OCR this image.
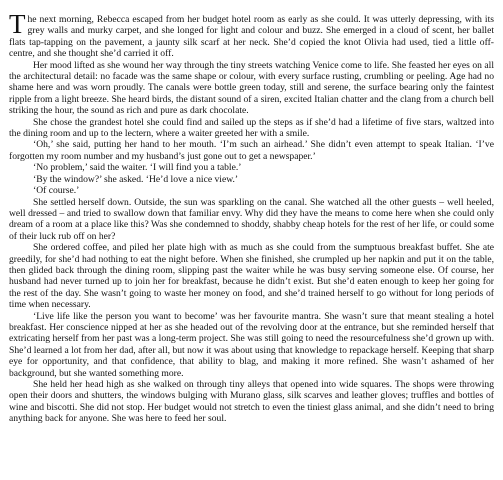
The next morning, Rebecca escaped from her budget hotel room as early as she could. It was utterly depressing, with its grey walls and murky carpet, and she longed for light and colour and buzz. She emerged in a cloud of scent, her ballet flats tap-tapping on the pavement, a jaunty silk scarf at her neck. She’d copied the knot Olivia had used, tied a little off-centre, and she thought she’d carried it off.

Her mood lifted as she wound her way through the tiny streets watching Venice come to life. She feasted her eyes on all the architectural detail: no facade was the same shape or colour, with every surface rusting, crumbling or peeling. Age had no shame here and was worn proudly. The canals were bottle green today, still and serene, the surface bearing only the faintest ripple from a light breeze. She heard birds, the distant sound of a siren, excited Italian chatter and the clang from a church bell striking the hour, the sound as rich and pure as dark chocolate.

She chose the grandest hotel she could find and sailed up the steps as if she’d had a lifetime of five stars, waltzed into the dining room and up to the lectern, where a waiter greeted her with a smile.

‘Oh,’ she said, putting her hand to her mouth. ‘I’m such an airhead.’ She didn’t even attempt to speak Italian. ‘I’ve forgotten my room number and my husband’s just gone out to get a newspaper.’

‘No problem,’ said the waiter. ‘I will find you a table.’

‘By the window?’ she asked. ‘He’d love a nice view.’

‘Of course.’

She settled herself down. Outside, the sun was sparkling on the canal. She watched all the other guests – well heeled, well dressed – and tried to swallow down that familiar envy. Why did they have the means to come here when she could only dream of a room at a place like this? Was she condemned to shoddy, shabby cheap hotels for the rest of her life, or could some of their luck rub off on her?

She ordered coffee, and piled her plate high with as much as she could from the sumptuous breakfast buffet. She ate greedily, for she’d had nothing to eat the night before. When she finished, she crumpled up her napkin and put it on the table, then glided back through the dining room, slipping past the waiter while he was busy serving someone else. Of course, her husband had never turned up to join her for breakfast, because he didn’t exist. But she’d eaten enough to keep her going for the rest of the day. She wasn’t going to waste her money on food, and she’d trained herself to go without for long periods of time when necessary.

‘Live life like the person you want to become’ was her favourite mantra. She wasn’t sure that meant stealing a hotel breakfast. Her conscience nipped at her as she headed out of the revolving door at the entrance, but she reminded herself that extricating herself from her past was a long-term project. She was still going to need the resourcefulness she’d grown up with. She’d learned a lot from her dad, after all, but now it was about using that knowledge to repackage herself. Keeping that sharp eye for opportunity, and that confidence, that ability to blag, and making it more refined. She wasn’t ashamed of her background, but she wanted something more.

She held her head high as she walked on through tiny alleys that opened into wide squares. The shops were throwing open their doors and shutters, the windows bulging with Murano glass, silk scarves and leather gloves; truffles and bottles of wine and biscotti. She did not stop. Her budget would not stretch to even the tiniest glass animal, and she didn’t need to bring anything back for anyone. She was here to feed her soul.
